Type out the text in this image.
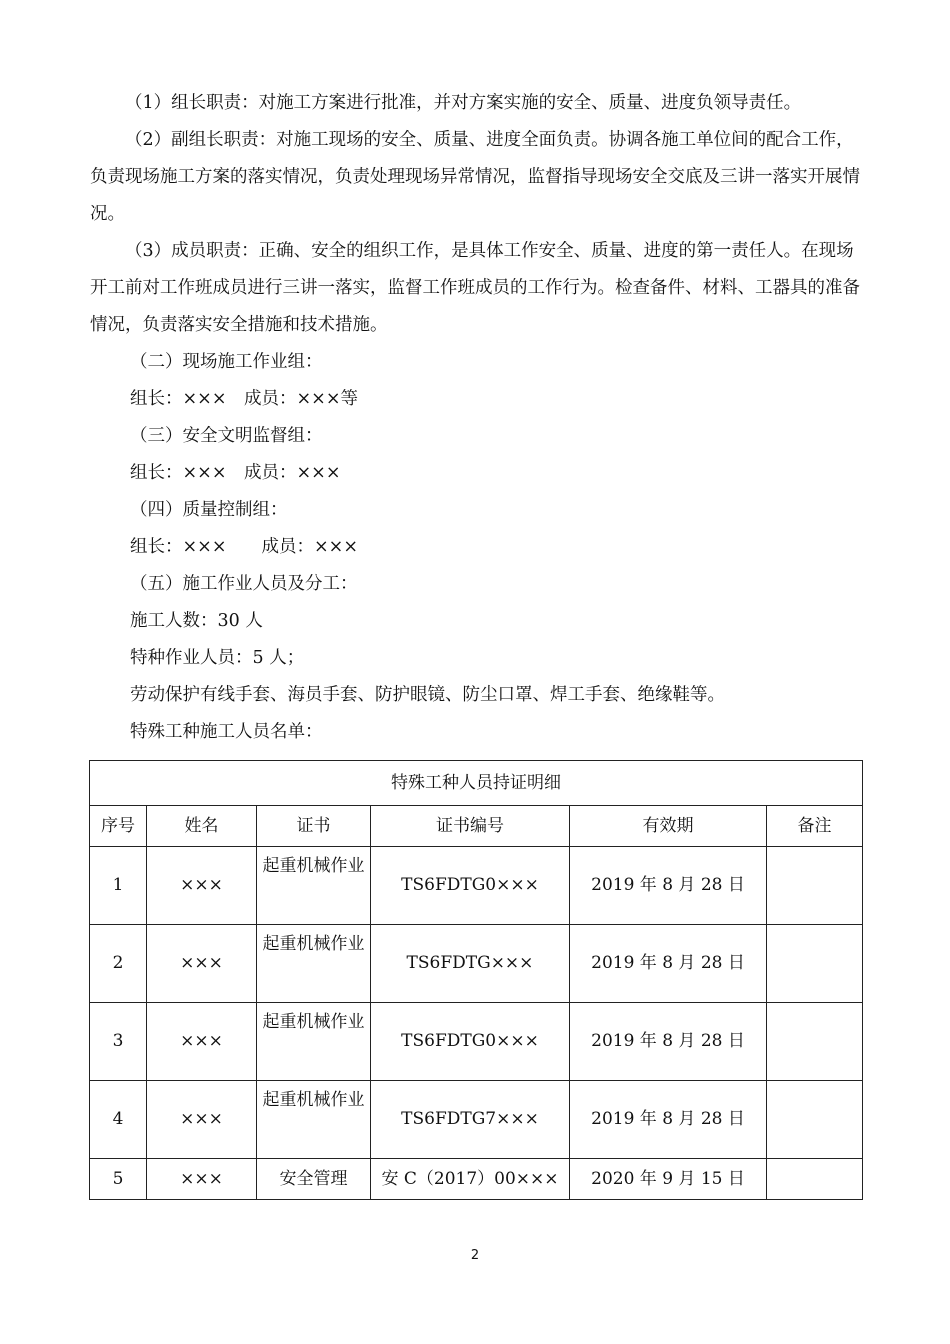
（1）组长职责：对施工方案进行批准，并对方案实施的安全、质量、进度负领导责任。

（2）副组长职责：对施工现场的安全、质量、进度全面负责。协调各施工单位间的配合工作，负责现场施工方案的落实情况，负责处理现场异常情况，监督指导现场安全交底及三讲一落实开展情况。

（3）成员职责：正确、安全的组织工作，是具体工作安全、质量、进度的第一责任人。在现场开工前对工作班成员进行三讲一落实，监督工作班成员的工作行为。检查备件、材料、工器具的准备情况，负责落实安全措施和技术措施。

（二）现场施工作业组：

组长：×××　成员：×××等

（三）安全文明监督组：

组长：×××　成员：×××

（四）质量控制组：

组长：×××　　成员：×××

（五）施工作业人员及分工：

施工人数：30 人

特种作业人员：5 人；

劳动保护有线手套、海员手套、防护眼镜、防尘口罩、焊工手套、绝缘鞋等。

特殊工种施工人员名单：

特殊工种人员持证明细					
序号	姓名	证书	证书编号	有效期	备注
1	×××	起重机械作业	TS6FDTG0×××	2019 年 8 月 28 日	
2	×××	起重机械作业	TS6FDTG×××	2019 年 8 月 28 日	
3	×××	起重机械作业	TS6FDTG0×××	2019 年 8 月 28 日	
4	×××	起重机械作业	TS6FDTG7×××	2019 年 8 月 28 日	
5	×××	安全管理	安 C（2017）00×××	2020 年 9 月 15 日	
2
